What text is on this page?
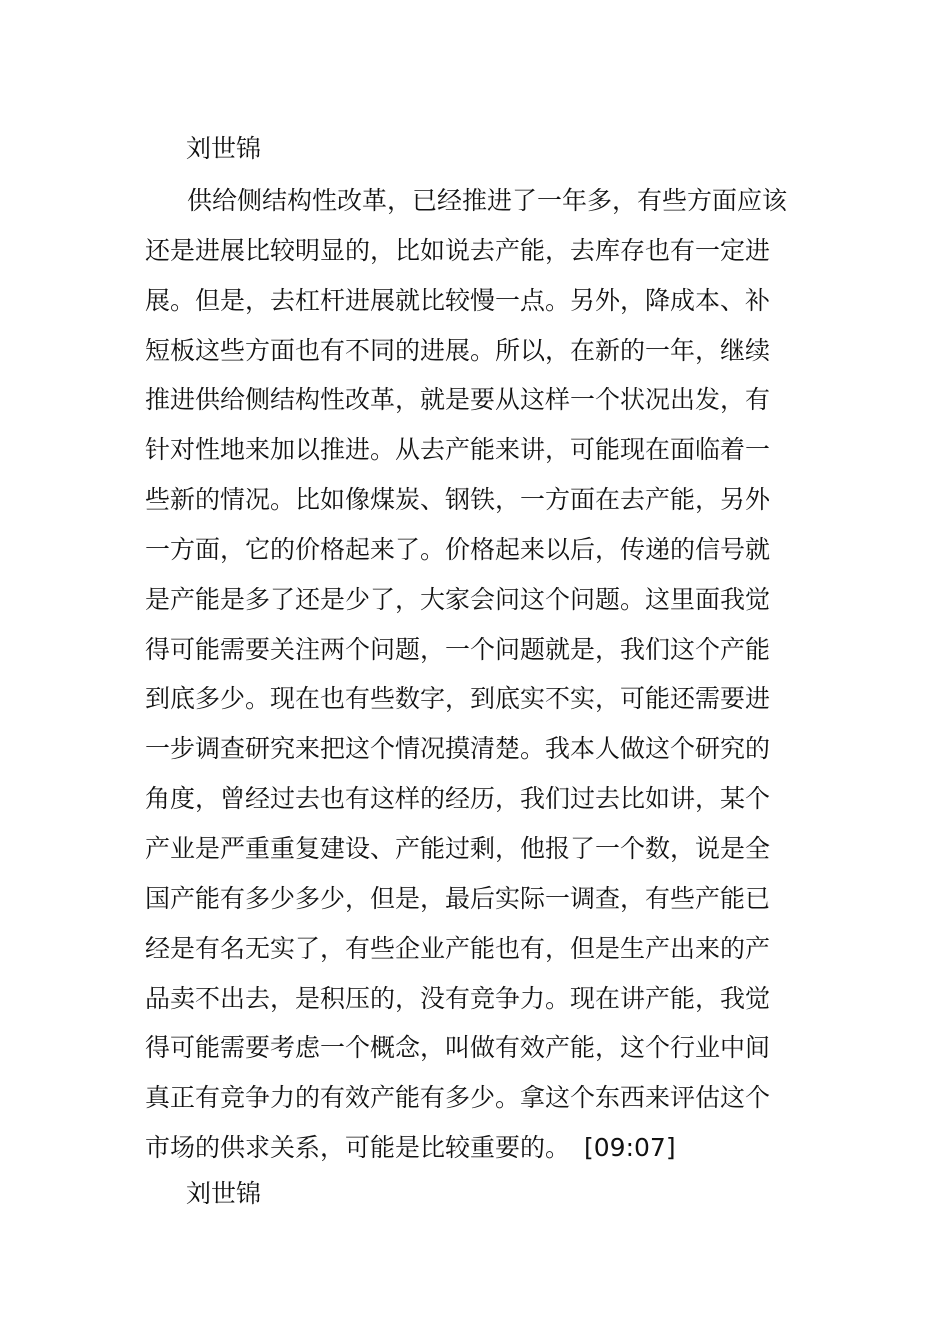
刘世锦
供给侧结构性改革，已经推进了一年多，有些方面应该
还是进展比较明显的，比如说去产能，去库存也有一定进
展。但是，去杠杆进展就比较慢一点。另外，降成本、补
短板这些方面也有不同的进展。所以，在新的一年，继续
推进供给侧结构性改革，就是要从这样一个状况出发，有
针对性地来加以推进。从去产能来讲，可能现在面临着一
些新的情况。比如像煤炭、钢铁，一方面在去产能，另外
一方面，它的价格起来了。价格起来以后，传递的信号就
是产能是多了还是少了，大家会问这个问题。这里面我觉
得可能需要关注两个问题，一个问题就是，我们这个产能
到底多少。现在也有些数字，到底实不实，可能还需要进
一步调查研究来把这个情况摸清楚。我本人做这个研究的
角度，曾经过去也有这样的经历，我们过去比如讲，某个
产业是严重重复建设、产能过剩，他报了一个数，说是全
国产能有多少多少，但是，最后实际一调查，有些产能已
经是有名无实了，有些企业产能也有，但是生产出来的产
品卖不出去，是积压的，没有竞争力。现在讲产能，我觉
得可能需要考虑一个概念，叫做有效产能，这个行业中间
真正有竞争力的有效产能有多少。拿这个东西来评估这个
市场的供求关系，可能是比较重要的。 [09:07]
刘世锦
